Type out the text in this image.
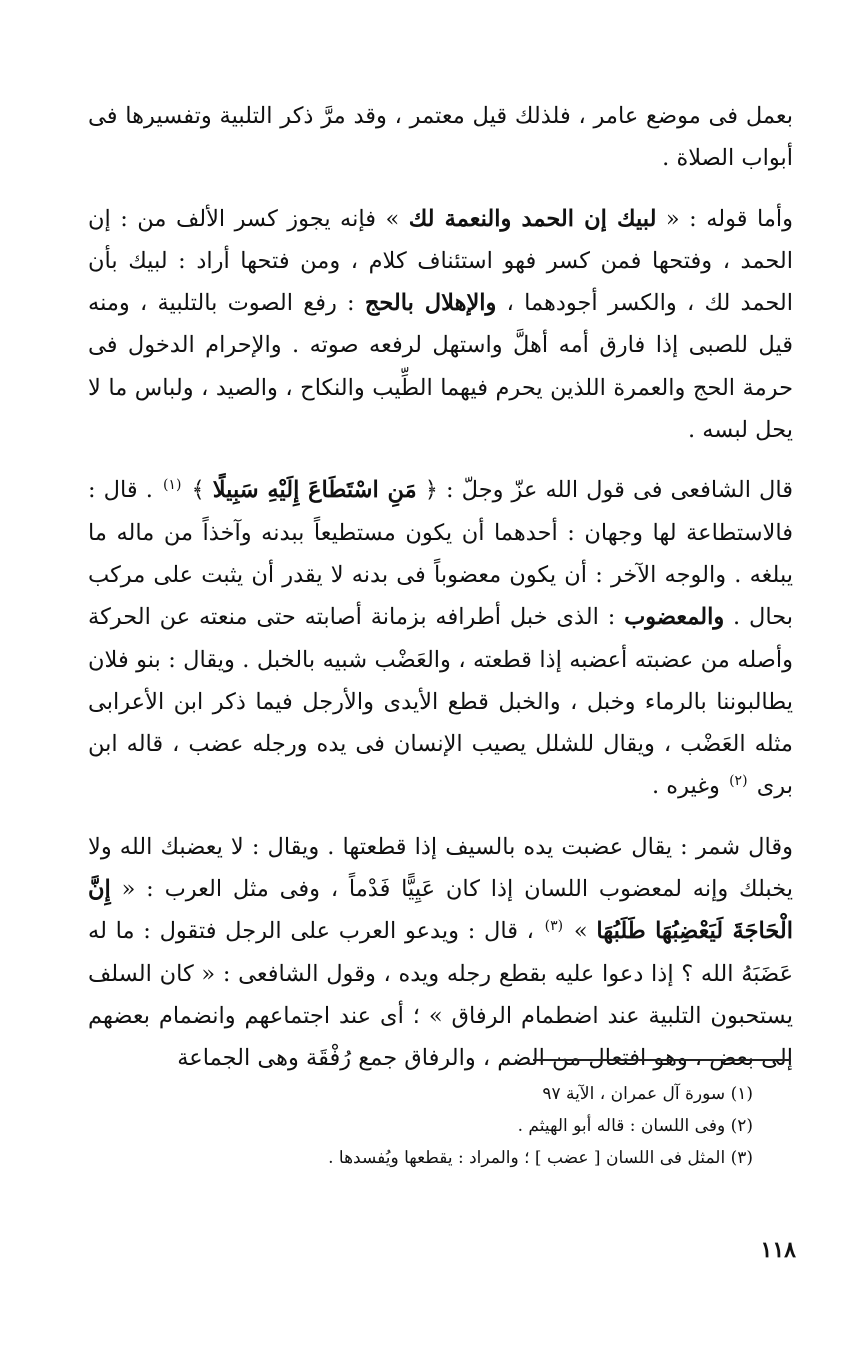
بعمل فى موضع عامر ، فلذلك قيل معتمر ، وقد مرَّ ذكر التلبية وتفسيرها فى أبواب الصلاة .

وأما قوله : « لبيك إن الحمد والنعمة لك » فإنه يجوز كسر الألف من : إن الحمد ، وفتحها فمن كسر فهو استئناف كلام ، ومن فتحها أراد : لبيك بأن الحمد لك ، والكسر أجودهما ، والإهلال بالحج : رفع الصوت بالتلبية ، ومنه قيل للصبى إذا فارق أمه أهلَّ واستهل لرفعه صوته . والإحرام الدخول فى حرمة الحج والعمرة اللذين يحرم فيهما الطِّيب والنكاح ، والصيد ، ولباس ما لا يحل لبسه .

قال الشافعى فى قول الله عزّ وجلّ : ﴿ مَنِ اسْتَطَاعَ إِلَيْهِ سَبِيلًا ﴾ $^{(١)}$ . قال : فالاستطاعة لها وجهان : أحدهما أن يكون مستطيعاً ببدنه وآخذاً من ماله ما يبلغه . والوجه الآخر : أن يكون معضوباً فى بدنه لا يقدر أن يثبت على مركب بحال . والمعضوب : الذى خبل أطرافه بزمانة أصابته حتى منعته عن الحركة وأصله من عضبته أعضبه إذا قطعته ، والعَضْب شبيه بالخبل . ويقال : بنو فلان يطالبوننا بالرماء وخبل ، والخبل قطع الأيدى والأرجل فيما ذكر ابن الأعرابى مثله العَضْب ، ويقال للشلل يصيب الإنسان فى يده ورجله عضب ، قاله ابن برى $^{(٢)}$ وغيره .

وقال شمر : يقال عضبت يده بالسيف إذا قطعتها . ويقال : لا يعضبك الله ولا يخبلك وإنه لمعضوب اللسان إذا كان عَيِيًّا فَدْماً ، وفى مثل العرب : « إِنَّ الْحَاجَةَ لَيَعْضِبُهَا طَلَبُهَا » $^{(٣)}$ ، قال : ويدعو العرب على الرجل فتقول : ما له عَضَبَهُ الله ؟ إذا دعوا عليه بقطع رجله ويده ، وقول الشافعى : « كان السلف يستحبون التلبية عند اضطمام الرفاق » ؛ أى عند اجتماعهم وانضمام بعضهم إلى بعض ، وهو افتعال من الضم ، والرفاق جمع رُفْقَة وهى الجماعة

(١) سورة آل عمران ، الآية ٩٧

(٢) وفى اللسان : قاله أبو الهيثم .

(٣) المثل فى اللسان [ عضب ] ؛ والمراد : يقطعها ويُفسدها .

١١٨
